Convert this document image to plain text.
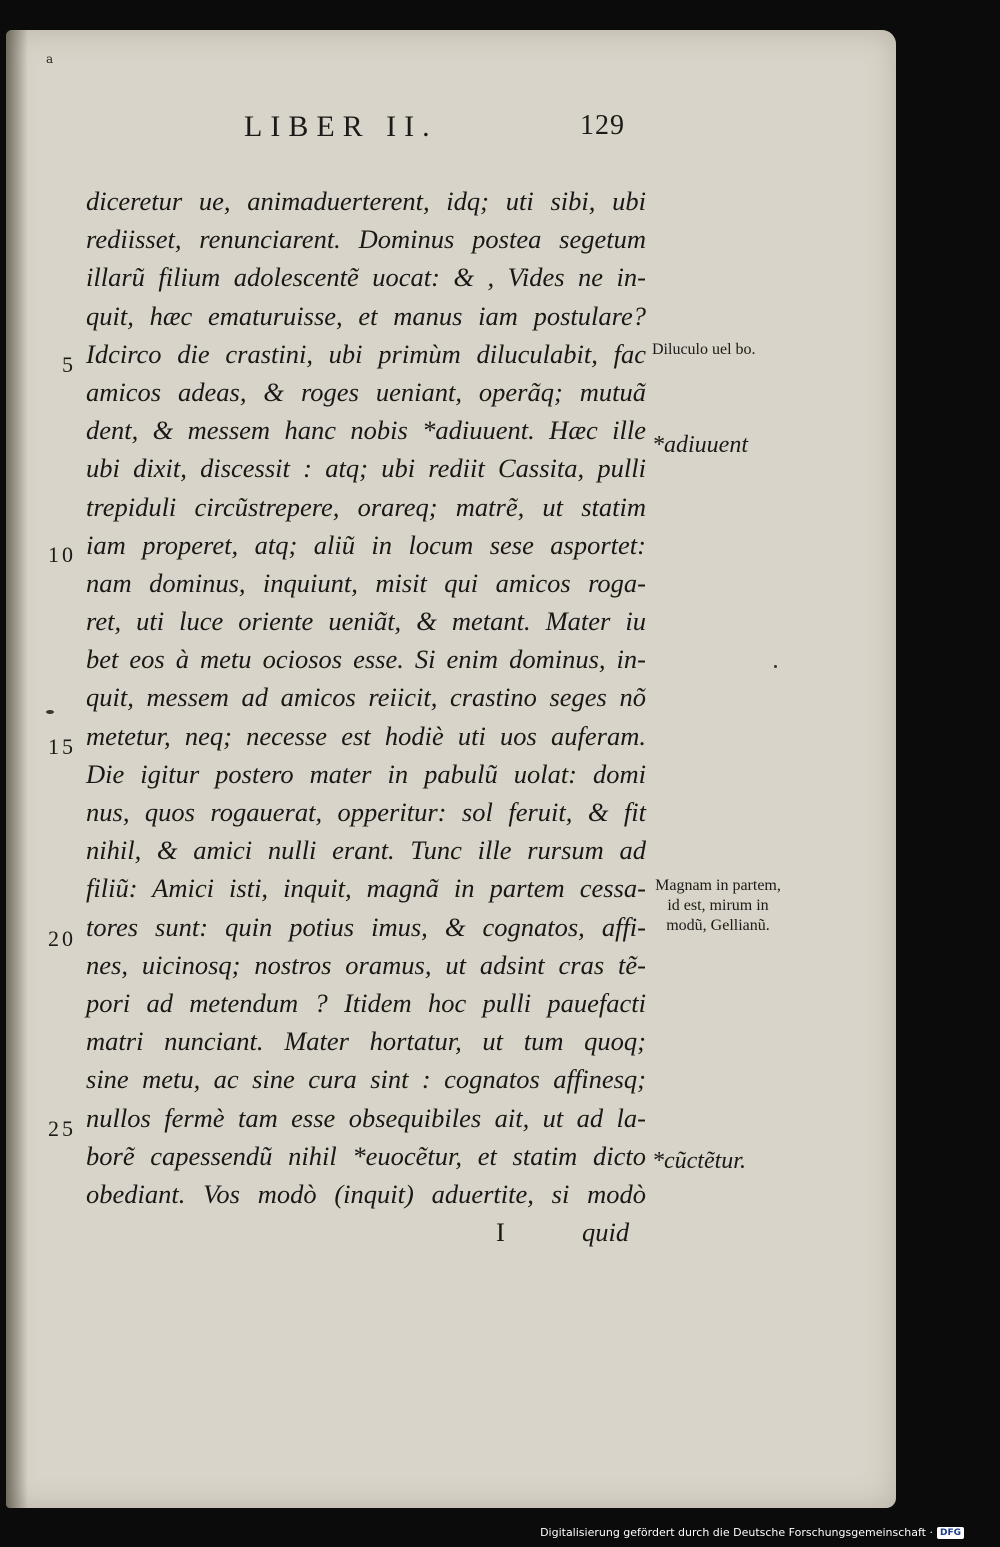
a
LIBER II.	129
5
10
15
20
25
diceretur ue, animaduerterent, idq; uti sibi, ubi
rediisset, renunciarent. Dominus postea segetum
illarũ filium adolescentẽ uocat: & , Vides ne in-
quit, hæc ematuruisse, et manus iam postulare?
Idcirco die crastini, ubi primùm diluculabit, fac
amicos adeas, & roges ueniant, operãq; mutuã
dent, & messem hanc nobis *adiuuent. Hæc ille
ubi dixit, discessit : atq; ubi rediit Cassita, pulli
trepiduli circũstrepere, orareq; matrẽ, ut statim
iam properet, atq; aliũ in locum sese asportet:
nam dominus, inquiunt, misit qui amicos roga-
ret, uti luce oriente ueniãt, & metant. Mater iu
bet eos à metu ociosos esse. Si enim dominus, in-
quit, messem ad amicos reiicit, crastino seges nõ
metetur, neq; necesse est hodiè uti uos auferam.
Die igitur postero mater in pabulũ uolat: domi
nus, quos rogauerat, opperitur: sol feruit, & fit
nihil, & amici nulli erant. Tunc ille rursum ad
filiũ: Amici isti, inquit, magnã in partem cessa-
tores sunt: quin potius imus, & cognatos, affi-
nes, uicinosq; nostros oramus, ut adsint cras tẽ-
pori ad metendum ? Itidem hoc pulli pauefacti
matri nunciant. Mater hortatur, ut tum quoq;
sine metu, ac sine cura sint : cognatos affinesq;
nullos fermè tam esse obsequibiles ait, ut ad la-
borẽ capessendũ nihil *euocẽtur, et statim dicto
obediant. Vos modò (inquit) aduertite, si modò
I	quid
Diluculo uel bo.
*adiuuent
Magnam in partem, id est, mirum in modũ, Gellianũ.
*cũctẽtur.
Digitalisierung gefördert durch die Deutsche Forschungsgemeinschaft · DFG
